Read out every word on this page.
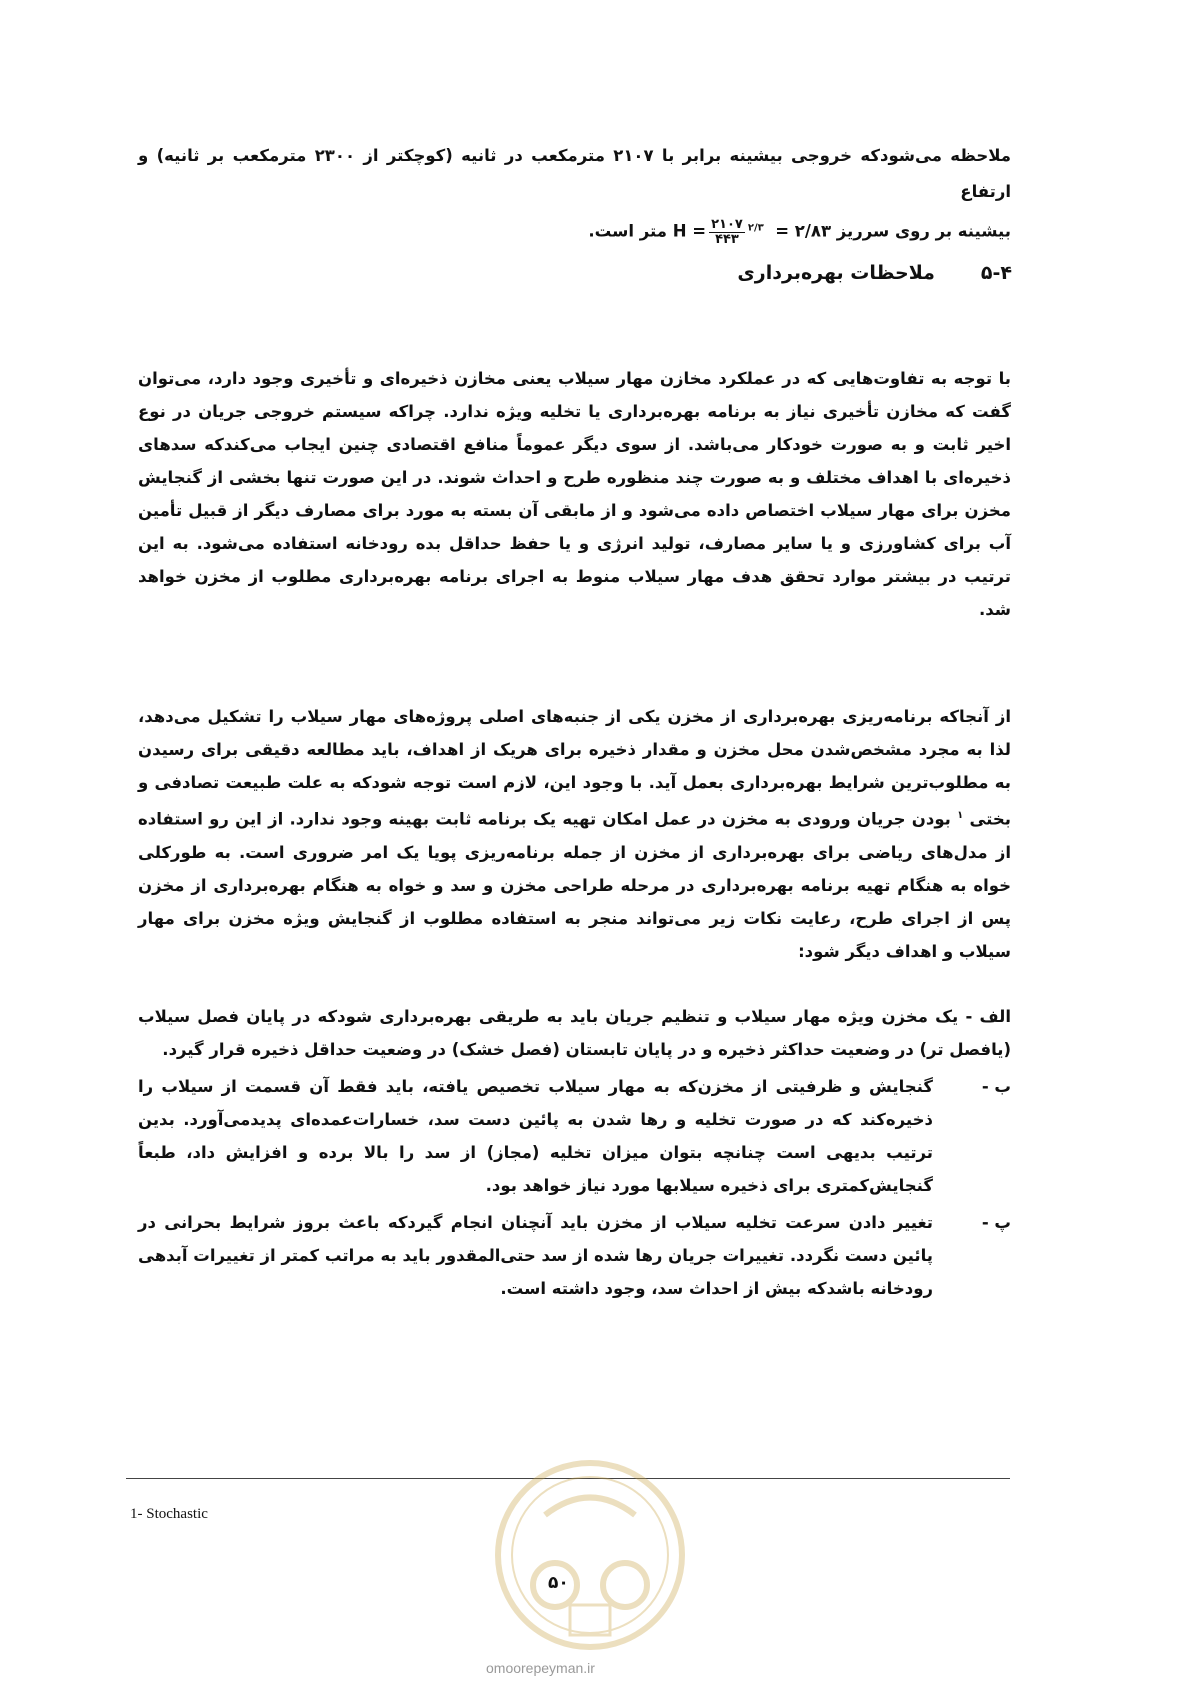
ملاحظه می‌شودکه خروجی بیشینه برابر با ۲۱۰۷ مترمکعب در ثانیه (کوچکتر از ۲۳۰۰ مترمکعب بر ثانیه) و ارتفاع
بیشینه بر روی سرریز ۲/۸۳ =
$\frac{۲۱۰۷}{۴۴۳} ^{۲/۳} = H$ متر است.
۵-۴ملاحظات بهره‌برداری
با توجه به تفاوت‌هایی که در عملکرد مخازن مهار سیلاب یعنی مخازن ذخیره‌ای و تأخیری وجود دارد، می‌توان گفت که مخازن تأخیری نیاز به برنامه بهره‌برداری یا تخلیه ویژه ندارد. چراکه سیستم خروجی جریان در نوع اخیر ثابت و به صورت خودکار می‌باشد. از سوی دیگر عموماً منافع اقتصادی چنین ایجاب می‌کندکه سدهای ذخیره‌ای با اهداف مختلف و به صورت چند منظوره طرح و احداث شوند. در این صورت تنها بخشی از گنجایش مخزن برای مهار سیلاب اختصاص داده می‌شود و از مابقی آن بسته به مورد برای مصارف دیگر از قبیل تأمین آب برای کشاورزی و یا سایر مصارف، تولید انرژی و یا حفظ حداقل بده رودخانه استفاده می‌شود. به این ترتیب در بیشتر موارد تحقق هدف مهار سیلاب منوط به اجرای برنامه بهره‌برداری مطلوب از مخزن خواهد شد.
از آنجاکه برنامه‌ریزی بهره‌برداری از مخزن یکی از جنبه‌های اصلی پروژه‌های مهار سیلاب را تشکیل می‌دهد، لذا به مجرد مشخص‌شدن محل مخزن و مقدار ذخیره برای هریک از اهداف، باید مطالعه دقیقی برای رسیدن به مطلوب‌ترین شرایط بهره‌برداری بعمل آید. با وجود این، لازم است توجه شودکه به علت طبیعت تصادفی و بختی $^۱$ بودن جریان ورودی به مخزن در عمل امکان تهیه یک برنامه ثابت بهینه وجود ندارد. از این رو استفاده از مدل‌های ریاضی برای بهره‌برداری از مخزن از جمله برنامه‌ریزی پویا یک امر ضروری است. به طورکلی خواه به هنگام تهیه برنامه بهره‌برداری در مرحله طراحی مخزن و سد و خواه به هنگام بهره‌برداری از مخزن پس از اجرای طرح، رعایت نکات زیر می‌تواند منجر به استفاده مطلوب از گنجایش ویژه مخزن برای مهار سیلاب و اهداف دیگر شود:
الف - یک مخزن ویژه مهار سیلاب و تنظیم جریان باید به طریقی بهره‌برداری شودکه در پایان فصل سیلاب (یافصل تر) در وضعیت حداکثر ذخیره و در پایان تابستان (فصل خشک) در وضعیت حداقل ذخیره قرار گیرد.
ب -
گنجایش و ظرفیتی از مخزن‌که به مهار سیلاب تخصیص یافته، باید فقط آن قسمت از سیلاب را ذخیره‌کند که در صورت تخلیه و رها شدن به پائین دست سد، خسارات‌عمده‌ای پدیدمی‌آورد. بدین ترتیب بدیهی است چنانچه بتوان میزان تخلیه (مجاز) از سد را بالا برده و افزایش داد، طبعاً گنجایش‌کمتری برای ذخیره سیلابها مورد نیاز خواهد بود.
پ -
تغییر دادن سرعت تخلیه سیلاب از مخزن باید آنچنان انجام گیردکه باعث بروز شرایط بحرانی در پائین دست نگردد. تغییرات جریان رها شده از سد حتی‌المقدور باید به مراتب کمتر از تغییرات آبدهی رودخانه باشدکه بیش از احداث سد، وجود داشته است.
1- Stochastic
۵۰
omoorepeyman.ir
